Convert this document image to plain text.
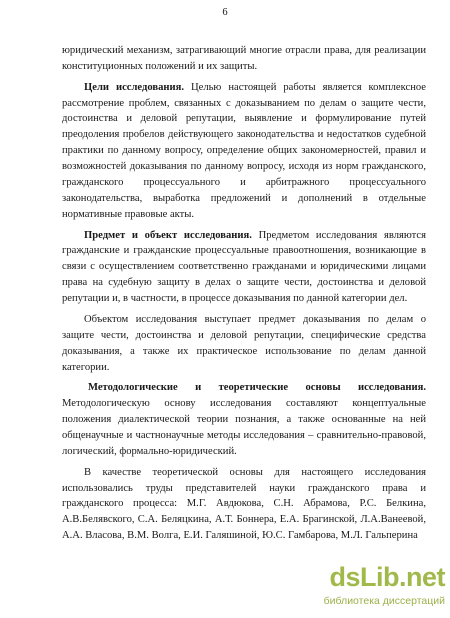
6

юридический механизм, затрагивающий многие отрасли права, для реализации конституционных положений и их защиты.

Цели исследования. Целью настоящей работы является комплексное рассмотрение проблем, связанных с доказыванием по делам о защите чести, достоинства и деловой репутации, выявление и формулирование путей преодоления пробелов действующего законодательства и недостатков судебной практики по данному вопросу, определение общих закономерностей, правил и возможностей доказывания по данному вопросу, исходя из норм гражданского, гражданского процессуального и арбитражного процессуального законодательства, выработка предложений и дополнений в отдельные нормативные правовые акты.

Предмет и объект исследования. Предметом исследования являются гражданские и гражданские процессуальные правоотношения, возникающие в связи с осуществлением соответственно гражданами и юридическими лицами права на судебную защиту в делах о защите чести, достоинства и деловой репутации и, в частности, в процессе доказывания по данной категории дел.

Объектом исследования выступает предмет доказывания по делам о защите чести, достоинства и деловой репутации, специфические средства доказывания, а также их практическое использование по делам данной категории.

Методологические и теоретические основы исследования. Методологическую основу исследования составляют концептуальные положения диалектической теории познания, а также основанные на ней общенаучные и частнонаучные методы исследования – сравнительно-правовой, логический, формально-юридический.

В качестве теоретической основы для настоящего исследования использовались труды представителей науки гражданского права и гражданского процесса: М.Г. Авдюкова, С.Н. Абрамова, Р.С. Белкина, А.В.Белявского, С.А. Беляцкина, А.Т. Боннера, Е.А. Брагинской, Л.А.Ванеевой, А.А. Власова, В.М. Волга, Е.И. Галяшиной, Ю.С. Гамбарова, М.Л. Гальперина

dsLib.net
библиотека диссертаций
